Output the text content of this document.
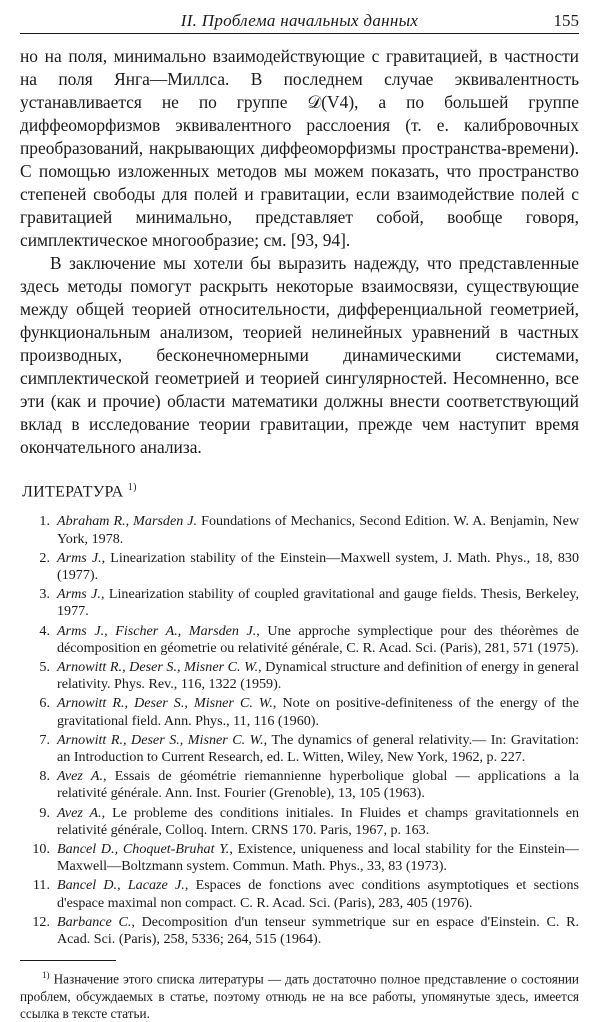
II. Проблема начальных данных	155

но на поля, минимально взаимодействующие с гравитацией, в частности на поля Янга—Миллса. В последнем случае эквивалентность устанавливается не по группе 𝒟(V4), а по большей группе диффеоморфизмов эквивалентного расслоения (т. е. калибровочных преобразований, накрывающих диффеоморфизмы пространства-времени). С помощью изложенных методов мы можем показать, что пространство степеней свободы для полей и гравитации, если взаимодействие полей с гравитацией минимально, представляет собой, вообще говоря, симплектическое многообразие; см. [93, 94].

В заключение мы хотели бы выразить надежду, что представленные здесь методы помогут раскрыть некоторые взаимосвязи, существующие между общей теорией относительности, дифференциальной геометрией, функциональным анализом, теорией нелинейных уравнений в частных производных, бесконечномерными динамическими системами, симплектической геометрией и теорией сингулярностей. Несомненно, все эти (как и прочие) области математики должны внести соответствующий вклад в исследование теории гравитации, прежде чем наступит время окончательного анализа.

ЛИТЕРАТУРА $^{1)}$
1. Abraham R., Marsden J. Foundations of Mechanics, Second Edition. W. A. Benjamin, New York, 1978.
2. Arms J., Linearization stability of the Einstein—Maxwell system, J. Math. Phys., 18, 830 (1977).
3. Arms J., Linearization stability of coupled gravitational and gauge fields. Thesis, Berkeley, 1977.
4. Arms J., Fischer A., Marsden J., Une approche symplectique pour des théorèmes de décomposition en géometrie ou relativité générale, C. R. Acad. Sci. (Paris), 281, 571 (1975).
5. Arnowitt R., Deser S., Misner C. W., Dynamical structure and definition of energy in general relativity. Phys. Rev., 116, 1322 (1959).
6. Arnowitt R., Deser S., Misner C. W., Note on positive-definiteness of the energy of the gravitational field. Ann. Phys., 11, 116 (1960).
7. Arnowitt R., Deser S., Misner C. W., The dynamics of general relativity.— In: Gravitation: an Introduction to Current Research, ed. L. Witten, Wiley, New York, 1962, p. 227.
8. Avez A., Essais de géométrie riemannienne hyperbolique global — applications a la relativité générale. Ann. Inst. Fourier (Grenoble), 13, 105 (1963).
9. Avez A., Le probleme des conditions initiales. In Fluides et champs gravitationnels en relativité générale, Colloq. Intern. CRNS 170. Paris, 1967, p. 163.
10. Bancel D., Choquet-Bruhat Y., Existence, uniqueness and local stability for the Einstein—Maxwell—Boltzmann system. Commun. Math. Phys., 33, 83 (1973).
11. Bancel D., Lacaze J., Espaces de fonctions avec conditions asymptotiques et sections d'espace maximal non compact. C. R. Acad. Sci. (Paris), 283, 405 (1976).
12. Barbance C., Decomposition d'un tenseur symmetrique sur en espace d'Einstein. C. R. Acad. Sci. (Paris), 258, 5336; 264, 515 (1964).

$^{1)}$ Назначение этого списка литературы — дать достаточно полное представление о состоянии проблем, обсуждаемых в статье, поэтому отнюдь не на все работы, упомянутые здесь, имеется ссылка в тексте статьи.
